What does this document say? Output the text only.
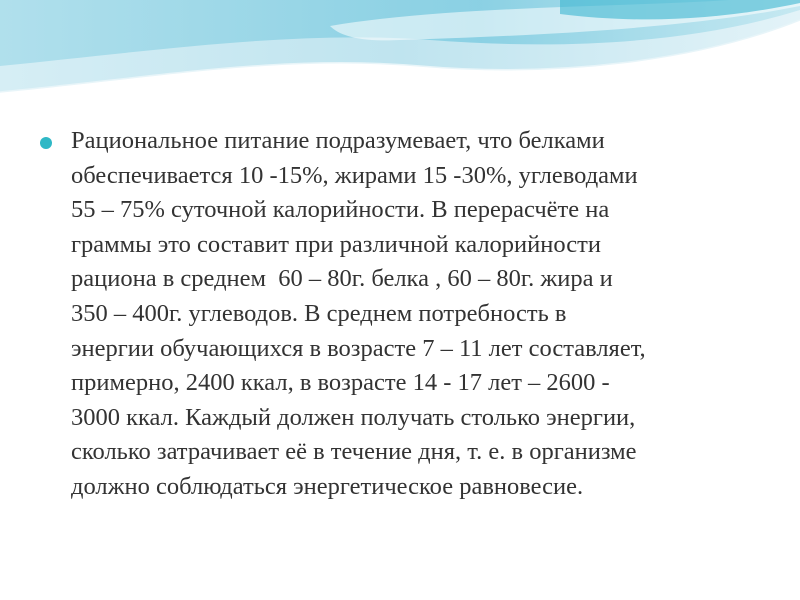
Рациональное питание подразумевает, что белками
обеспечивается 10 -15%, жирами 15 -30%, углеводами
55 – 75% суточной калорийности. В перерасчёте на
граммы это составит при различной калорийности
рациона в среднем  60 – 80г. белка , 60 – 80г. жира и
350 – 400г. углеводов. В среднем потребность в
энергии обучающихся в возрасте 7 – 11 лет составляет,
примерно, 2400 ккал, в возрасте 14 - 17 лет – 2600 -
3000 ккал. Каждый должен получать столько энергии,
сколько затрачивает её в течение дня, т. е. в организме
должно соблюдаться энергетическое равновесие.
